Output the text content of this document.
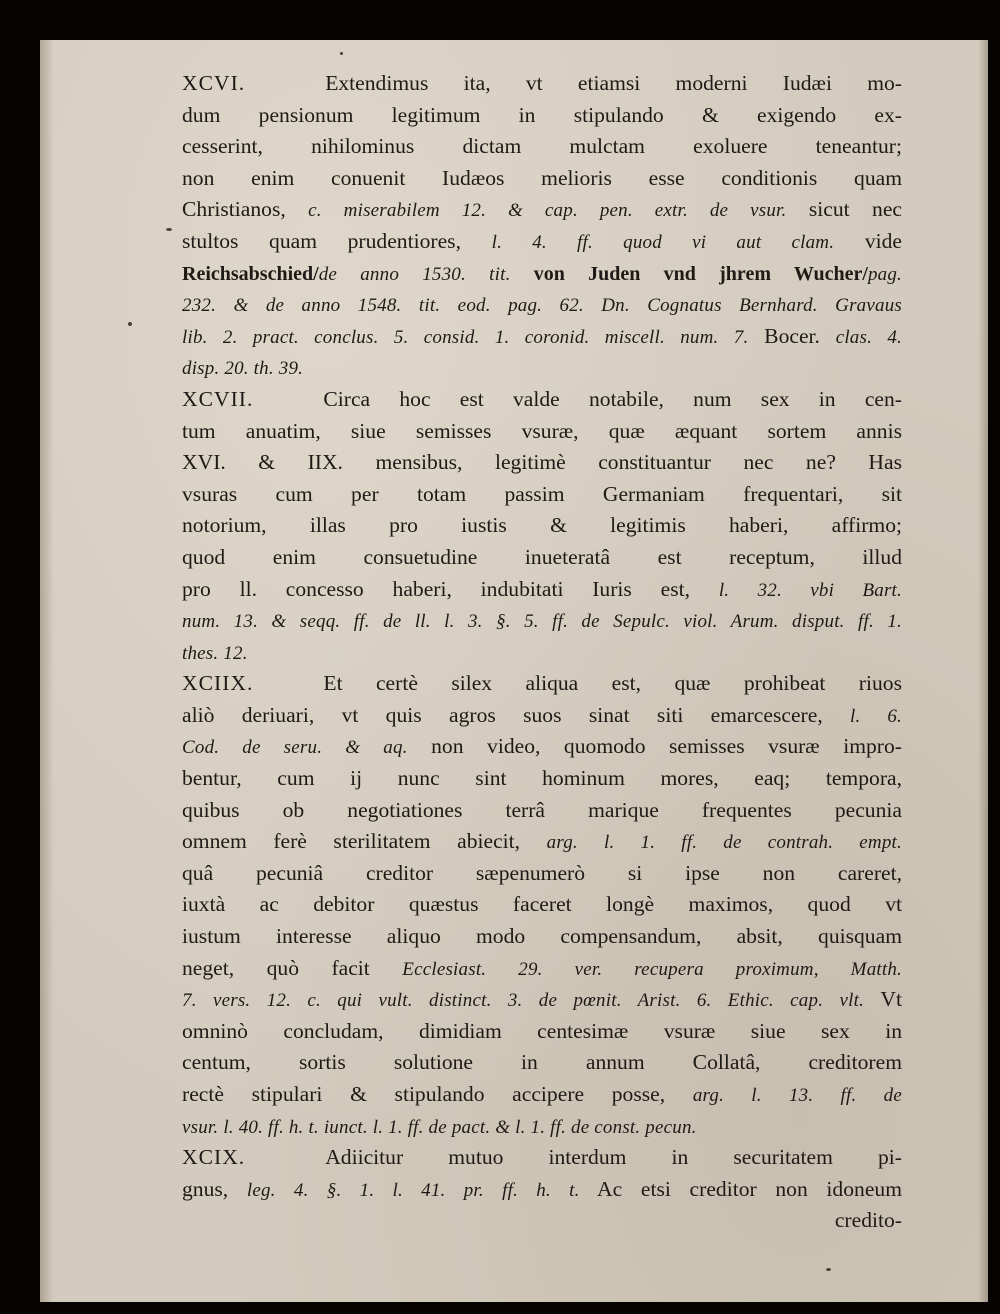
XCVI.	Extendimus ita, vt etiamsi moderni Iudæi mo-
dum pensionum legitimum in stipulando & exigendo ex-
cesserint, nihilominus dictam mulctam exoluere teneantur;
non enim conuenit Iudæos melioris esse conditionis quam
Christianos, c. miserabilem 12. & cap. pen. extr. de vsur. sicut nec
stultos quam prudentiores, l. 4. ff. quod vi aut clam. vide
Reichsabschied/de anno 1530. tit. von Juden vnd jhrem Wucher/pag.
232. & de anno 1548. tit. eod. pag. 62. Dn. Cognatus Bernhard. Gravaus
lib. 2. pract. conclus. 5. consid. 1. coronid. miscell. num. 7. Bocer. clas. 4.
disp. 20. th. 39.
XCVII.	Circa hoc est valde notabile, num sex in cen-
tum anuatim, siue semisses vsuræ, quæ æquant sortem annis
XVI. & IIX. mensibus, legitimè constituantur nec ne? Has
vsuras cum per totam passim Germaniam frequentari, sit
notorium, illas pro iustis & legitimis haberi, affirmo;
quod enim consuetudine inueteratâ est receptum, illud
pro ll. concesso haberi, indubitati Iuris est, l. 32. vbi Bart.
num. 13. & seqq. ff. de ll. l. 3. §. 5. ff. de Sepulc. viol. Arum. disput. ff. 1.
thes. 12.
XCIIX.	Et certè silex aliqua est, quæ prohibeat riuos
aliò deriuari, vt quis agros suos sinat siti emarcescere, l. 6.
Cod. de seru. & aq. non video, quomodo semisses vsuræ impro-
bentur, cum ij nunc sint hominum mores, eaq; tempora,
quibus ob negotiationes terrâ marique frequentes pecunia
omnem ferè sterilitatem abiecit, arg. l. 1. ff. de contrah. empt.
quâ pecuniâ creditor sæpenumerò si ipse non careret,
iuxtà ac debitor quæstus faceret longè maximos, quod vt
iustum interesse aliquo modo compensandum, absit, quisquam
neget, quò facit Ecclesiast. 29. ver. recupera proximum, Matth.
7. vers. 12. c. qui vult. distinct. 3. de pœnit. Arist. 6. Ethic. cap. vlt. Vt
omninò concludam, dimidiam centesimæ vsuræ siue sex in
centum, sortis solutione in annum Collatâ, creditorem
rectè stipulari & stipulando accipere posse, arg. l. 13. ff. de
vsur. l. 40. ff. h. t. iunct. l. 1. ff. de pact. & l. 1. ff. de const. pecun.
XCIX.	Adiicitur mutuo interdum in securitatem pi-
gnus, leg. 4. §. 1. l. 41. pr. ff. h. t. Ac etsi creditor non idoneum
credito-
